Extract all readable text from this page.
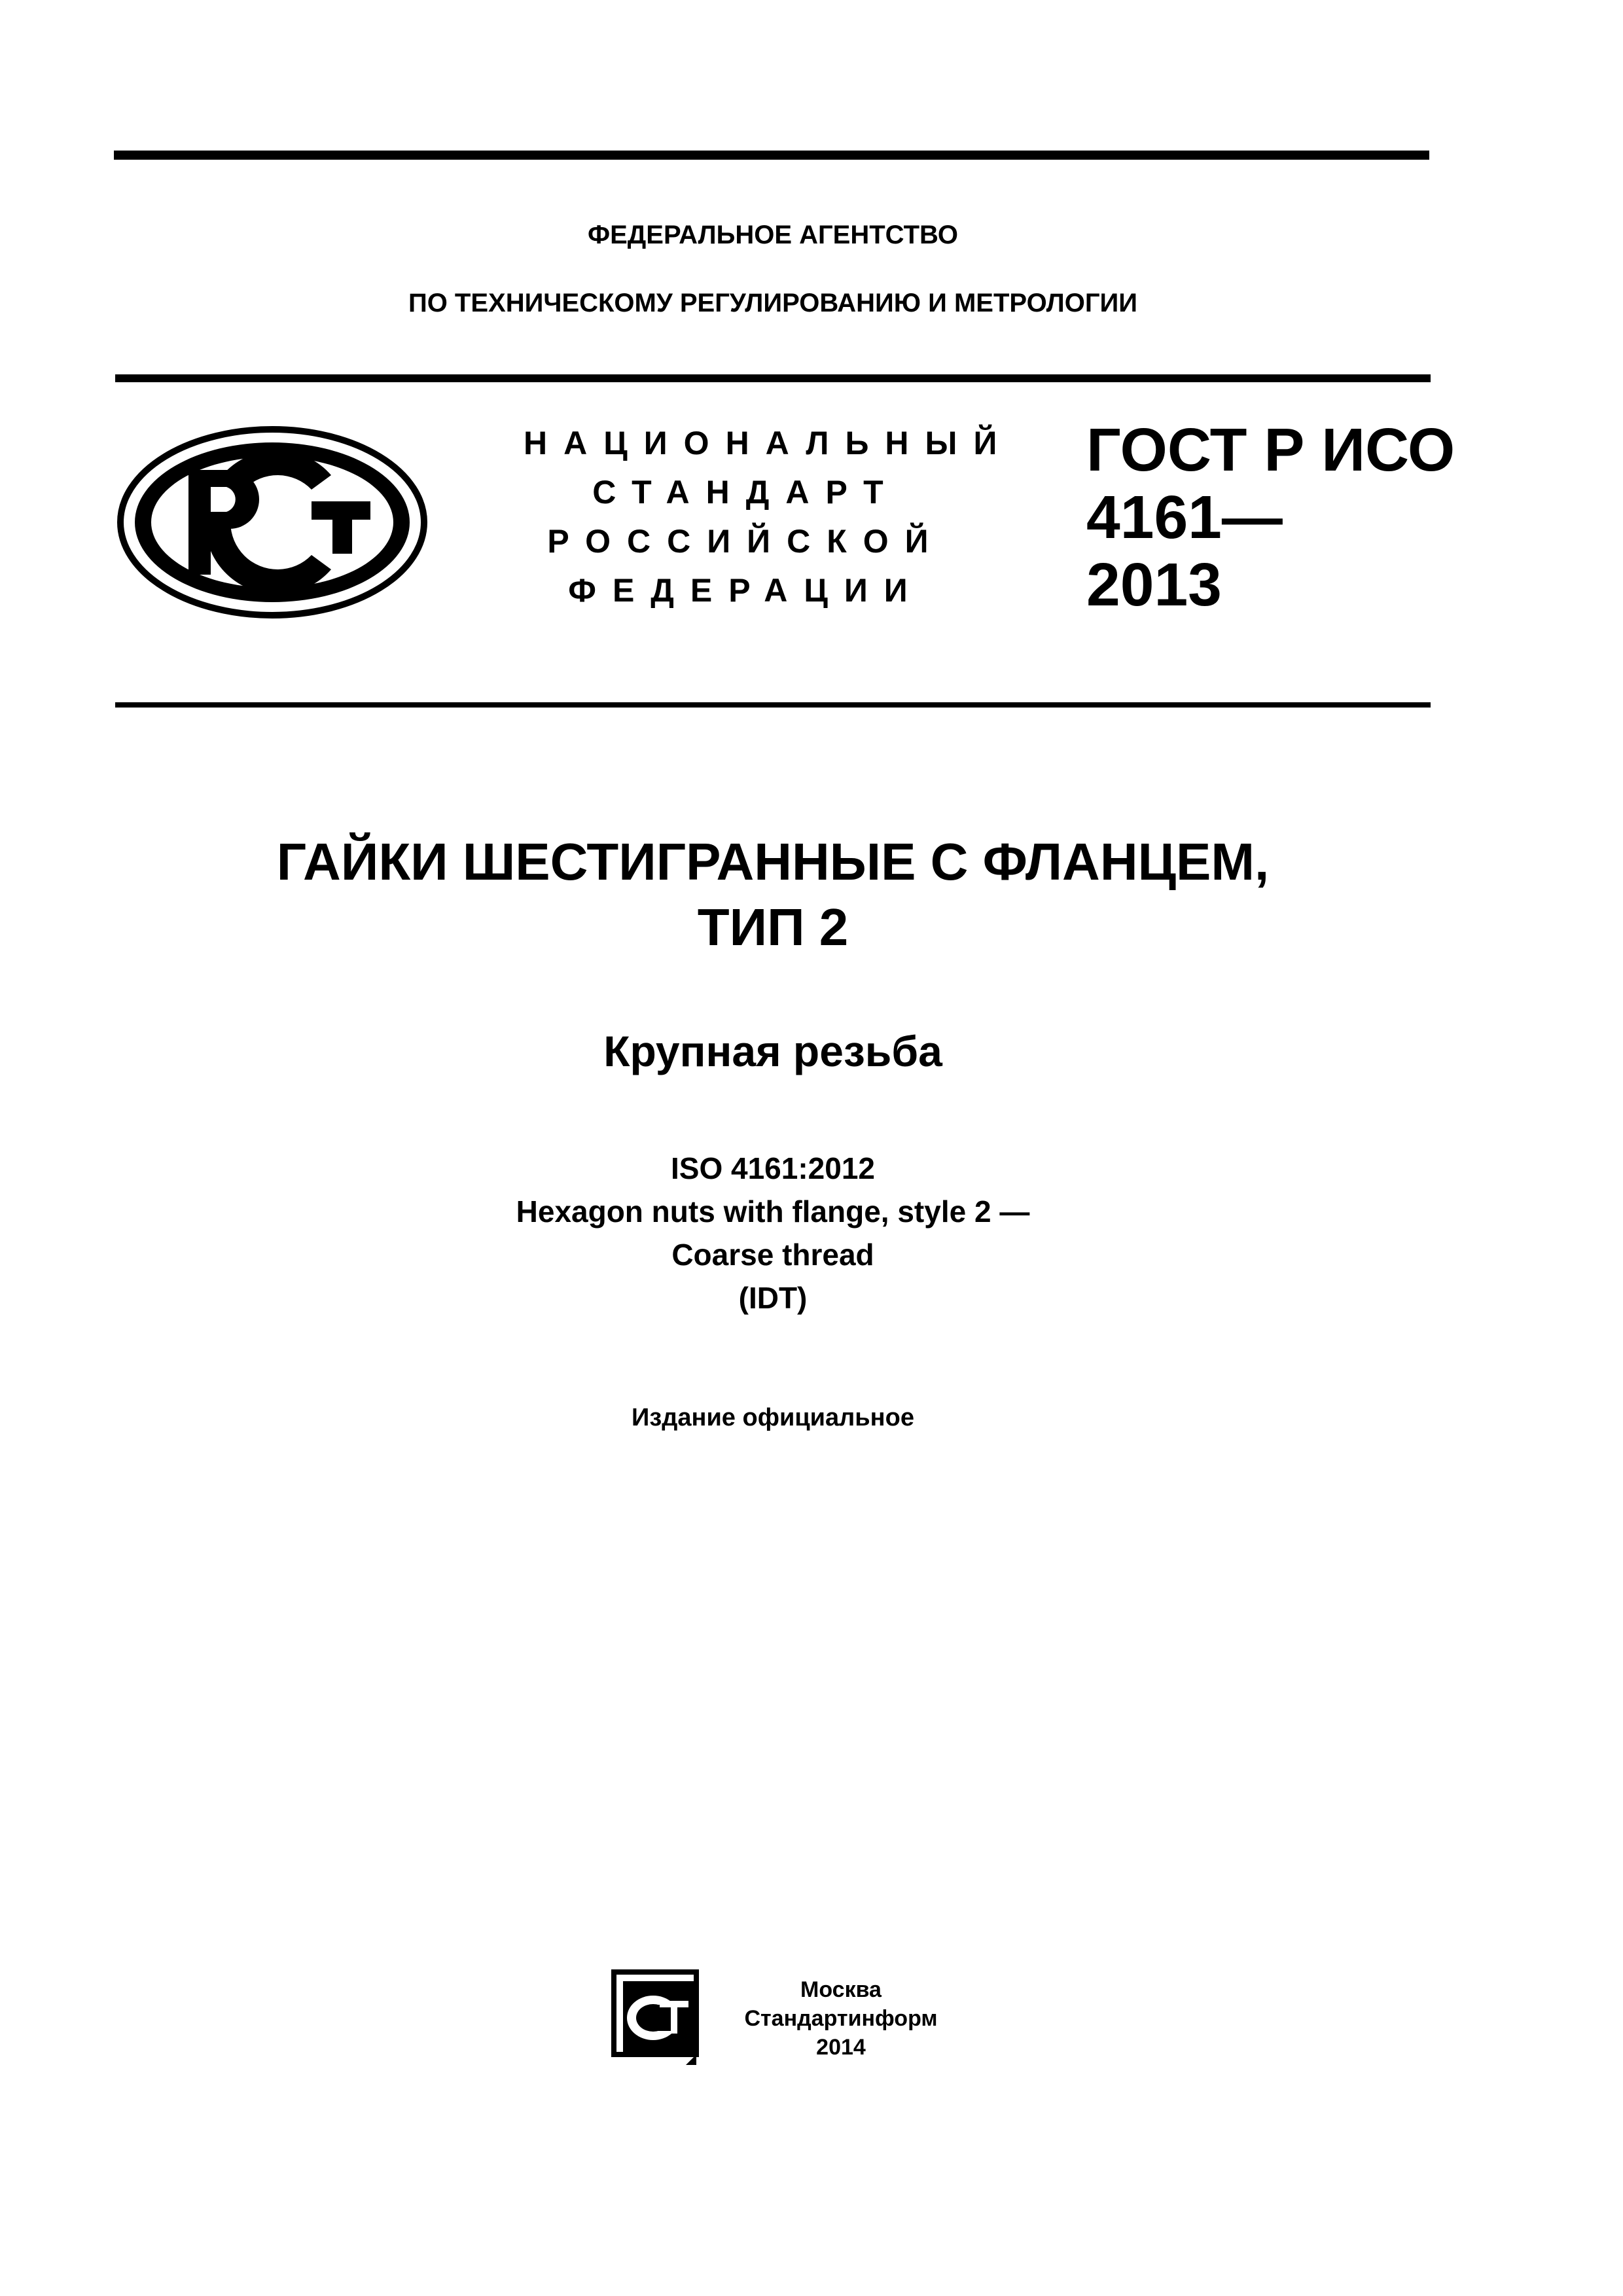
ФЕДЕРАЛЬНОЕ АГЕНТСТВО
ПО ТЕХНИЧЕСКОМУ РЕГУЛИРОВАНИЮ И МЕТРОЛОГИИ
НАЦИОНАЛЬНЫЙ
СТАНДАРТ
РОССИЙСКОЙ
ФЕДЕРАЦИИ
ГОСТ Р ИСО
4161—
2013
ГАЙКИ ШЕСТИГРАННЫЕ С ФЛАНЦЕМ,
ТИП 2
Крупная резьба
ISO 4161:2012
Hexagon nuts with flange, style 2 —
Coarse thread
(IDT)
Издание официальное
Москва
Стандартинформ
2014
